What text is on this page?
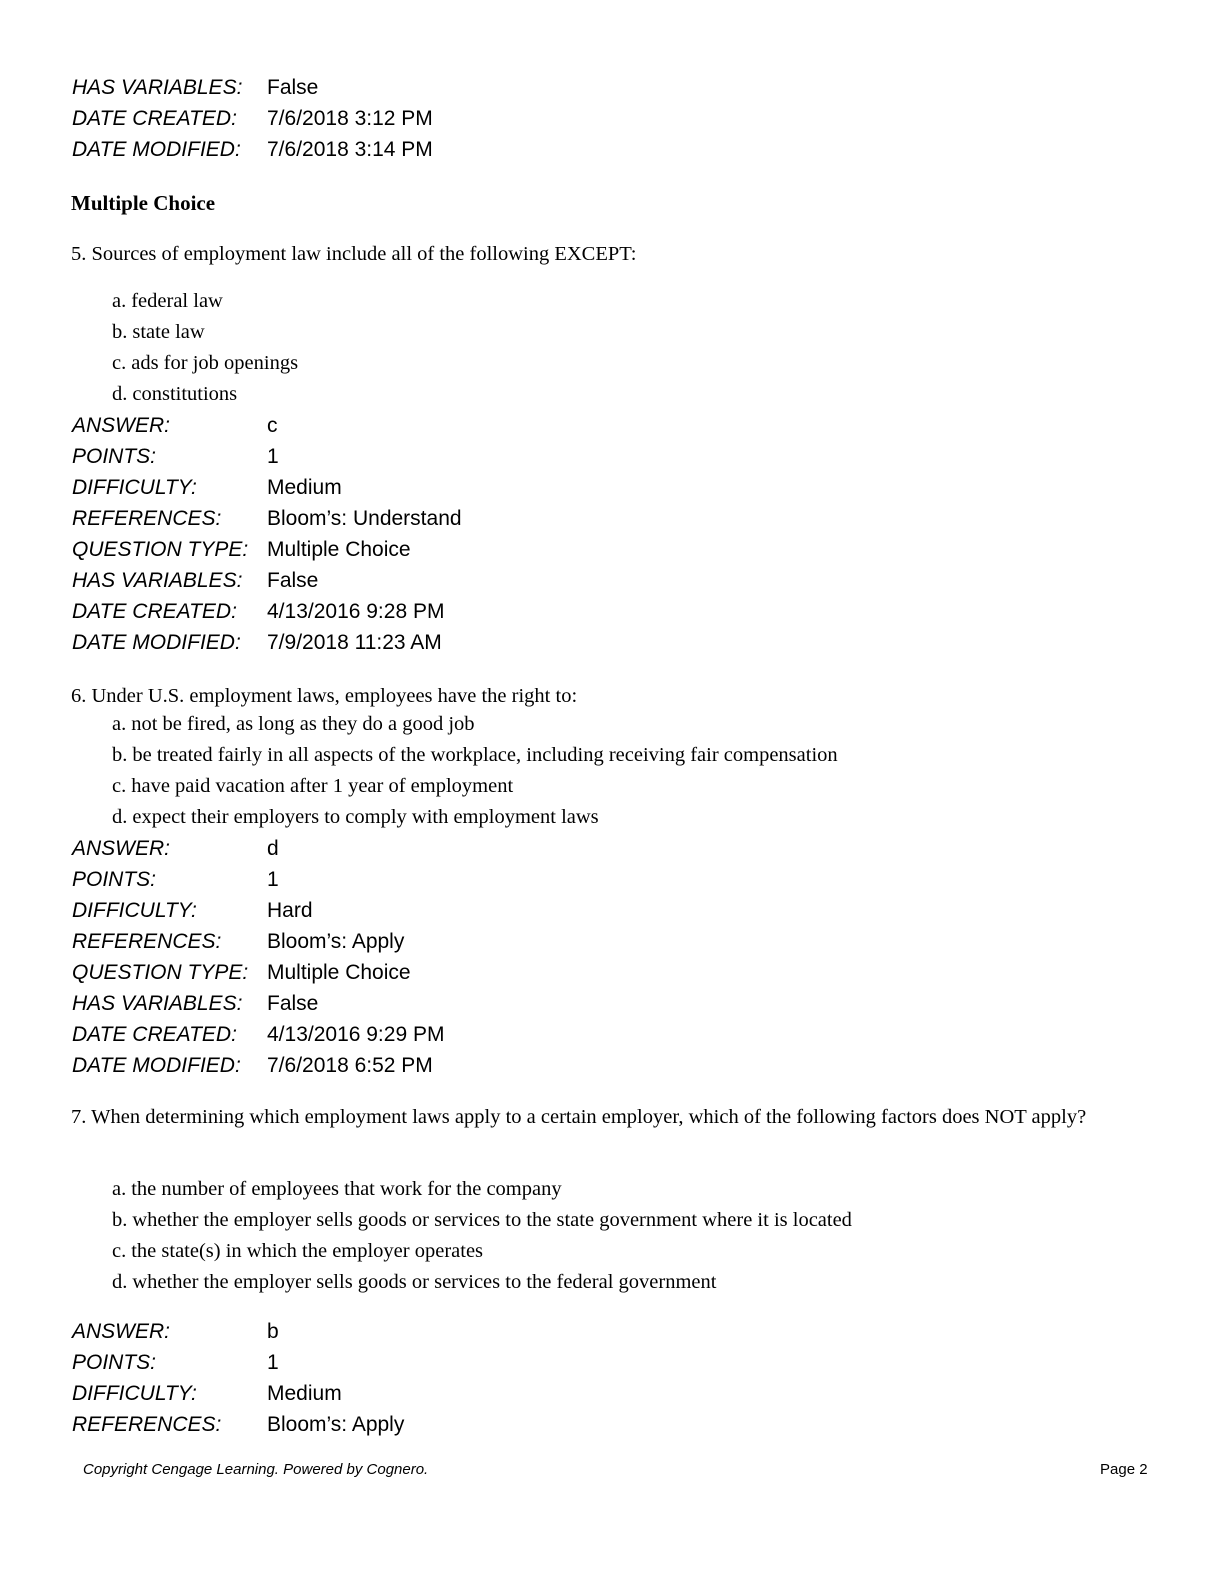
HAS VARIABLES: False
DATE CREATED: 7/6/2018 3:12 PM
DATE MODIFIED: 7/6/2018 3:14 PM
Multiple Choice
5. Sources of employment law include all of the following EXCEPT:
a. federal law
b. state law
c. ads for job openings
d. constitutions
ANSWER:	c
POINTS:	1
DIFFICULTY:	Medium
REFERENCES: Bloom’s: Understand
QUESTION TYPE: Multiple Choice
HAS VARIABLES: False
DATE CREATED: 4/13/2016 9:28 PM
DATE MODIFIED: 7/9/2018 11:23 AM
6. Under U.S. employment laws, employees have the right to:
a. not be fired, as long as they do a good job
b. be treated fairly in all aspects of the workplace, including receiving fair compensation
c. have paid vacation after 1 year of employment
d. expect their employers to comply with employment laws
ANSWER:	d
POINTS:	1
DIFFICULTY:	Hard
REFERENCES: Bloom’s: Apply
QUESTION TYPE: Multiple Choice
HAS VARIABLES: False
DATE CREATED: 4/13/2016 9:29 PM
DATE MODIFIED: 7/6/2018 6:52 PM
7. When determining which employment laws apply to a certain employer, which of the following factors does NOT apply?
a. the number of employees that work for the company
b. whether the employer sells goods or services to the state government where it is located
c. the state(s) in which the employer operates
d. whether the employer sells goods or services to the federal government
ANSWER:	b
POINTS:	1
DIFFICULTY:	Medium
REFERENCES: Bloom’s: Apply
Copyright Cengage Learning. Powered by Cognero.	Page 2
